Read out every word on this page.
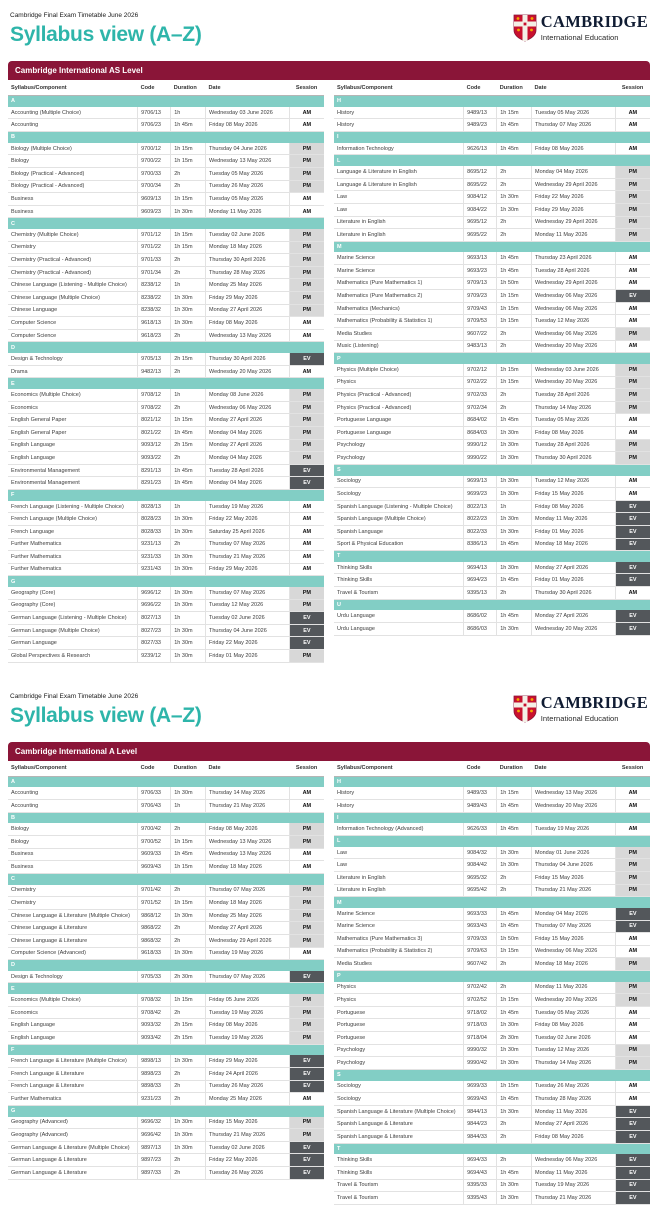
Cambridge Final Exam Timetable June 2026
Syllabus view (A–Z)
CAMBRIDGE
International Education
Cambridge International AS Level
Syllabus/Component	Code	Duration	Date	Session
A				
Accounting (Multiple Choice)	9706/13	1h	Wednesday 03 June 2026	AM
Accounting	9706/23	1h 45m	Friday 08 May 2026	AM
B				
Biology (Multiple Choice)	9700/12	1h 15m	Thursday 04 June 2026	PM
Biology	9700/22	1h 15m	Wednesday 13 May 2026	PM
Biology (Practical - Advanced)	9700/33	2h	Tuesday 05 May 2026	PM
Biology (Practical - Advanced)	9700/34	2h	Tuesday 26 May 2026	PM
Business	9609/13	1h 15m	Tuesday 05 May 2026	AM
Business	9609/23	1h 30m	Monday 11 May 2026	AM
C				
Chemistry (Multiple Choice)	9701/12	1h 15m	Tuesday 02 June 2026	PM
Chemistry	9701/22	1h 15m	Monday 18 May 2026	PM
Chemistry (Practical - Advanced)	9701/33	2h	Thursday 30 April 2026	PM
Chemistry (Practical - Advanced)	9701/34	2h	Thursday 28 May 2026	PM
Chinese Language (Listening - Multiple Choice)	8238/12	1h	Monday 25 May 2026	PM
Chinese Language (Multiple Choice)	8238/22	1h 30m	Friday 29 May 2026	PM
Chinese Language	8238/32	1h 30m	Monday 27 April 2026	PM
Computer Science	9618/13	1h 30m	Friday 08 May 2026	AM
Computer Science	9618/23	2h	Wednesday 13 May 2026	AM
D				
Design & Technology	9705/13	2h 15m	Thursday 30 April 2026	EV
Drama	9482/13	2h	Wednesday 20 May 2026	AM
E				
Economics (Multiple Choice)	9708/12	1h	Monday 08 June 2026	PM
Economics	9708/22	2h	Wednesday 06 May 2026	PM
English General Paper	8021/12	1h 15m	Monday 27 April 2026	PM
English General Paper	8021/22	1h 45m	Monday 04 May 2026	PM
English Language	9093/12	2h 15m	Monday 27 April 2026	PM
English Language	9093/22	2h	Monday 04 May 2026	PM
Environmental Management	8291/13	1h 45m	Tuesday 28 April 2026	EV
Environmental Management	8291/23	1h 45m	Monday 04 May 2026	EV
F				
French Language (Listening - Multiple Choice)	8028/13	1h	Tuesday 19 May 2026	AM
French Language (Multiple Choice)	8028/23	1h 30m	Friday 22 May 2026	AM
French Language	8028/33	1h 30m	Saturday 25 April 2026	AM
Further Mathematics	9231/13	2h	Thursday 07 May 2026	AM
Further Mathematics	9231/33	1h 30m	Thursday 21 May 2026	AM
Further Mathematics	9231/43	1h 30m	Friday 29 May 2026	AM
G				
Geography (Core)	9696/12	1h 30m	Thursday 07 May 2026	PM
Geography (Core)	9696/22	1h 30m	Tuesday 12 May 2026	PM
German Language (Listening - Multiple Choice)	8027/13	1h	Tuesday 02 June 2026	EV
German Language (Multiple Choice)	8027/23	1h 30m	Thursday 04 June 2026	EV
German Language	8027/33	1h 30m	Friday 22 May 2026	EV
Global Perspectives & Research	9239/12	1h 30m	Friday 01 May 2026	PM
Syllabus/Component	Code	Duration	Date	Session
H				
History	9489/13	1h 15m	Tuesday 05 May 2026	AM
History	9489/23	1h 45m	Thursday 07 May 2026	AM
I				
Information Technology	9626/13	1h 45m	Friday 08 May 2026	AM
L				
Language & Literature in English	8695/12	2h	Monday 04 May 2026	PM
Language & Literature in English	8695/22	2h	Wednesday 29 April 2026	PM
Law	9084/12	1h 30m	Friday 22 May 2026	PM
Law	9084/22	1h 30m	Friday 29 May 2026	PM
Literature in English	9695/12	2h	Wednesday 29 April 2026	PM
Literature in English	9695/22	2h	Monday 11 May 2026	PM
M				
Marine Science	9693/13	1h 45m	Thursday 23 April 2026	AM
Marine Science	9693/23	1h 45m	Tuesday 28 April 2026	AM
Mathematics (Pure Mathematics 1)	9709/13	1h 50m	Wednesday 29 April 2026	AM
Mathematics (Pure Mathematics 2)	9709/23	1h 15m	Wednesday 06 May 2026	EV
Mathematics (Mechanics)	9709/43	1h 15m	Wednesday 06 May 2026	AM
Mathematics (Probability & Statistics 1)	9709/53	1h 15m	Tuesday 12 May 2026	AM
Media Studies	9607/22	2h	Wednesday 06 May 2026	PM
Music (Listening)	9483/13	2h	Wednesday 20 May 2026	AM
P				
Physics (Multiple Choice)	9702/12	1h 15m	Wednesday 03 June 2026	PM
Physics	9702/22	1h 15m	Wednesday 20 May 2026	PM
Physics (Practical - Advanced)	9702/33	2h	Tuesday 28 April 2026	PM
Physics (Practical - Advanced)	9702/34	2h	Thursday 14 May 2026	PM
Portuguese Language	8684/02	1h 45m	Tuesday 05 May 2026	AM
Portuguese Language	8684/03	1h 30m	Friday 08 May 2026	AM
Psychology	9990/12	1h 30m	Tuesday 28 April 2026	PM
Psychology	9990/22	1h 30m	Thursday 30 April 2026	PM
S				
Sociology	9699/13	1h 30m	Tuesday 12 May 2026	AM
Sociology	9699/23	1h 30m	Friday 15 May 2026	AM
Spanish Language (Listening - Multiple Choice)	8022/13	1h	Friday 08 May 2026	EV
Spanish Language (Multiple Choice)	8022/23	1h 30m	Monday 11 May 2026	EV
Spanish Language	8022/33	1h 30m	Friday 01 May 2026	EV
Sport & Physical Education	8386/13	1h 45m	Monday 18 May 2026	EV
T				
Thinking Skills	9694/13	1h 30m	Monday 27 April 2026	EV
Thinking Skills	9694/23	1h 45m	Friday 01 May 2026	EV
Travel & Tourism	9395/13	2h	Thursday 30 April 2026	AM
U				
Urdu Language	8686/02	1h 45m	Monday 27 April 2026	EV
Urdu Language	8686/03	1h 30m	Wednesday 20 May 2026	EV
Cambridge Final Exam Timetable June 2026
Syllabus view (A–Z)
CAMBRIDGE
International Education
Cambridge International A Level
Syllabus/Component	Code	Duration	Date	Session
A				
Accounting	9706/33	1h 30m	Thursday 14 May 2026	AM
Accounting	9706/43	1h	Thursday 21 May 2026	AM
B				
Biology	9700/42	2h	Friday 08 May 2026	PM
Biology	9700/52	1h 15m	Wednesday 13 May 2026	PM
Business	9609/33	1h 45m	Wednesday 13 May 2026	AM
Business	9609/43	1h 15m	Monday 18 May 2026	AM
C				
Chemistry	9701/42	2h	Thursday 07 May 2026	PM
Chemistry	9701/52	1h 15m	Monday 18 May 2026	PM
Chinese Language & Literature (Multiple Choice)	9868/12	1h 30m	Monday 25 May 2026	PM
Chinese Language & Literature	9868/22	2h	Monday 27 April 2026	PM
Chinese Language & Literature	9868/32	2h	Wednesday 29 April 2026	PM
Computer Science (Advanced)	9618/33	1h 30m	Tuesday 19 May 2026	AM
D				
Design & Technology	9705/33	2h 30m	Thursday 07 May 2026	EV
E				
Economics (Multiple Choice)	9708/32	1h 15m	Friday 05 June 2026	PM
Economics	9708/42	2h	Tuesday 19 May 2026	PM
English Language	9093/32	2h 15m	Friday 08 May 2026	PM
English Language	9093/42	2h 15m	Tuesday 19 May 2026	PM
F				
French Language & Literature (Multiple Choice)	9898/13	1h 30m	Friday 29 May 2026	EV
French Language & Literature	9898/23	2h	Friday 24 April 2026	EV
French Language & Literature	9898/33	2h	Tuesday 26 May 2026	EV
Further Mathematics	9231/23	2h	Monday 25 May 2026	AM
G				
Geography (Advanced)	9696/32	1h 30m	Friday 15 May 2026	PM
Geography (Advanced)	9696/42	1h 30m	Thursday 21 May 2026	PM
German Language & Literature (Multiple Choice)	9897/13	1h 30m	Tuesday 02 June 2026	EV
German Language & Literature	9897/23	2h	Friday 22 May 2026	EV
German Language & Literature	9897/33	2h	Tuesday 26 May 2026	EV
Syllabus/Component	Code	Duration	Date	Session
H				
History	9489/33	1h 15m	Wednesday 13 May 2026	AM
History	9489/43	1h 45m	Wednesday 20 May 2026	AM
I				
Information Technology (Advanced)	9626/33	1h 45m	Tuesday 19 May 2026	AM
L				
Law	9084/32	1h 30m	Monday 01 June 2026	PM
Law	9084/42	1h 30m	Thursday 04 June 2026	PM
Literature in English	9695/32	2h	Friday 15 May 2026	PM
Literature in English	9695/42	2h	Thursday 21 May 2026	PM
M				
Marine Science	9693/33	1h 45m	Monday 04 May 2026	EV
Marine Science	9693/43	1h 45m	Thursday 07 May 2026	EV
Mathematics (Pure Mathematics 3)	9709/33	1h 50m	Friday 15 May 2026	AM
Mathematics (Probability & Statistics 2)	9709/63	1h 15m	Wednesday 06 May 2026	AM
Media Studies	9607/42	2h	Monday 18 May 2026	PM
P				
Physics	9702/42	2h	Monday 11 May 2026	PM
Physics	9702/52	1h 15m	Wednesday 20 May 2026	PM
Portuguese	9718/02	1h 45m	Tuesday 05 May 2026	AM
Portuguese	9718/03	1h 30m	Friday 08 May 2026	AM
Portuguese	9718/04	2h 30m	Tuesday 02 June 2026	AM
Psychology	9990/32	1h 30m	Tuesday 12 May 2026	PM
Psychology	9990/42	1h 30m	Thursday 14 May 2026	PM
S				
Sociology	9699/33	1h 15m	Tuesday 26 May 2026	AM
Sociology	9699/43	1h 45m	Thursday 28 May 2026	AM
Spanish Language & Literature (Multiple Choice)	9844/13	1h 30m	Monday 11 May 2026	EV
Spanish Language & Literature	9844/23	2h	Monday 27 April 2026	EV
Spanish Language & Literature	9844/33	2h	Friday 08 May 2026	EV
T				
Thinking Skills	9694/33	2h	Wednesday 06 May 2026	EV
Thinking Skills	9694/43	1h 45m	Monday 11 May 2026	EV
Travel & Tourism	9395/33	1h 30m	Tuesday 19 May 2026	EV
Travel & Tourism	9395/43	1h 30m	Thursday 21 May 2026	EV
